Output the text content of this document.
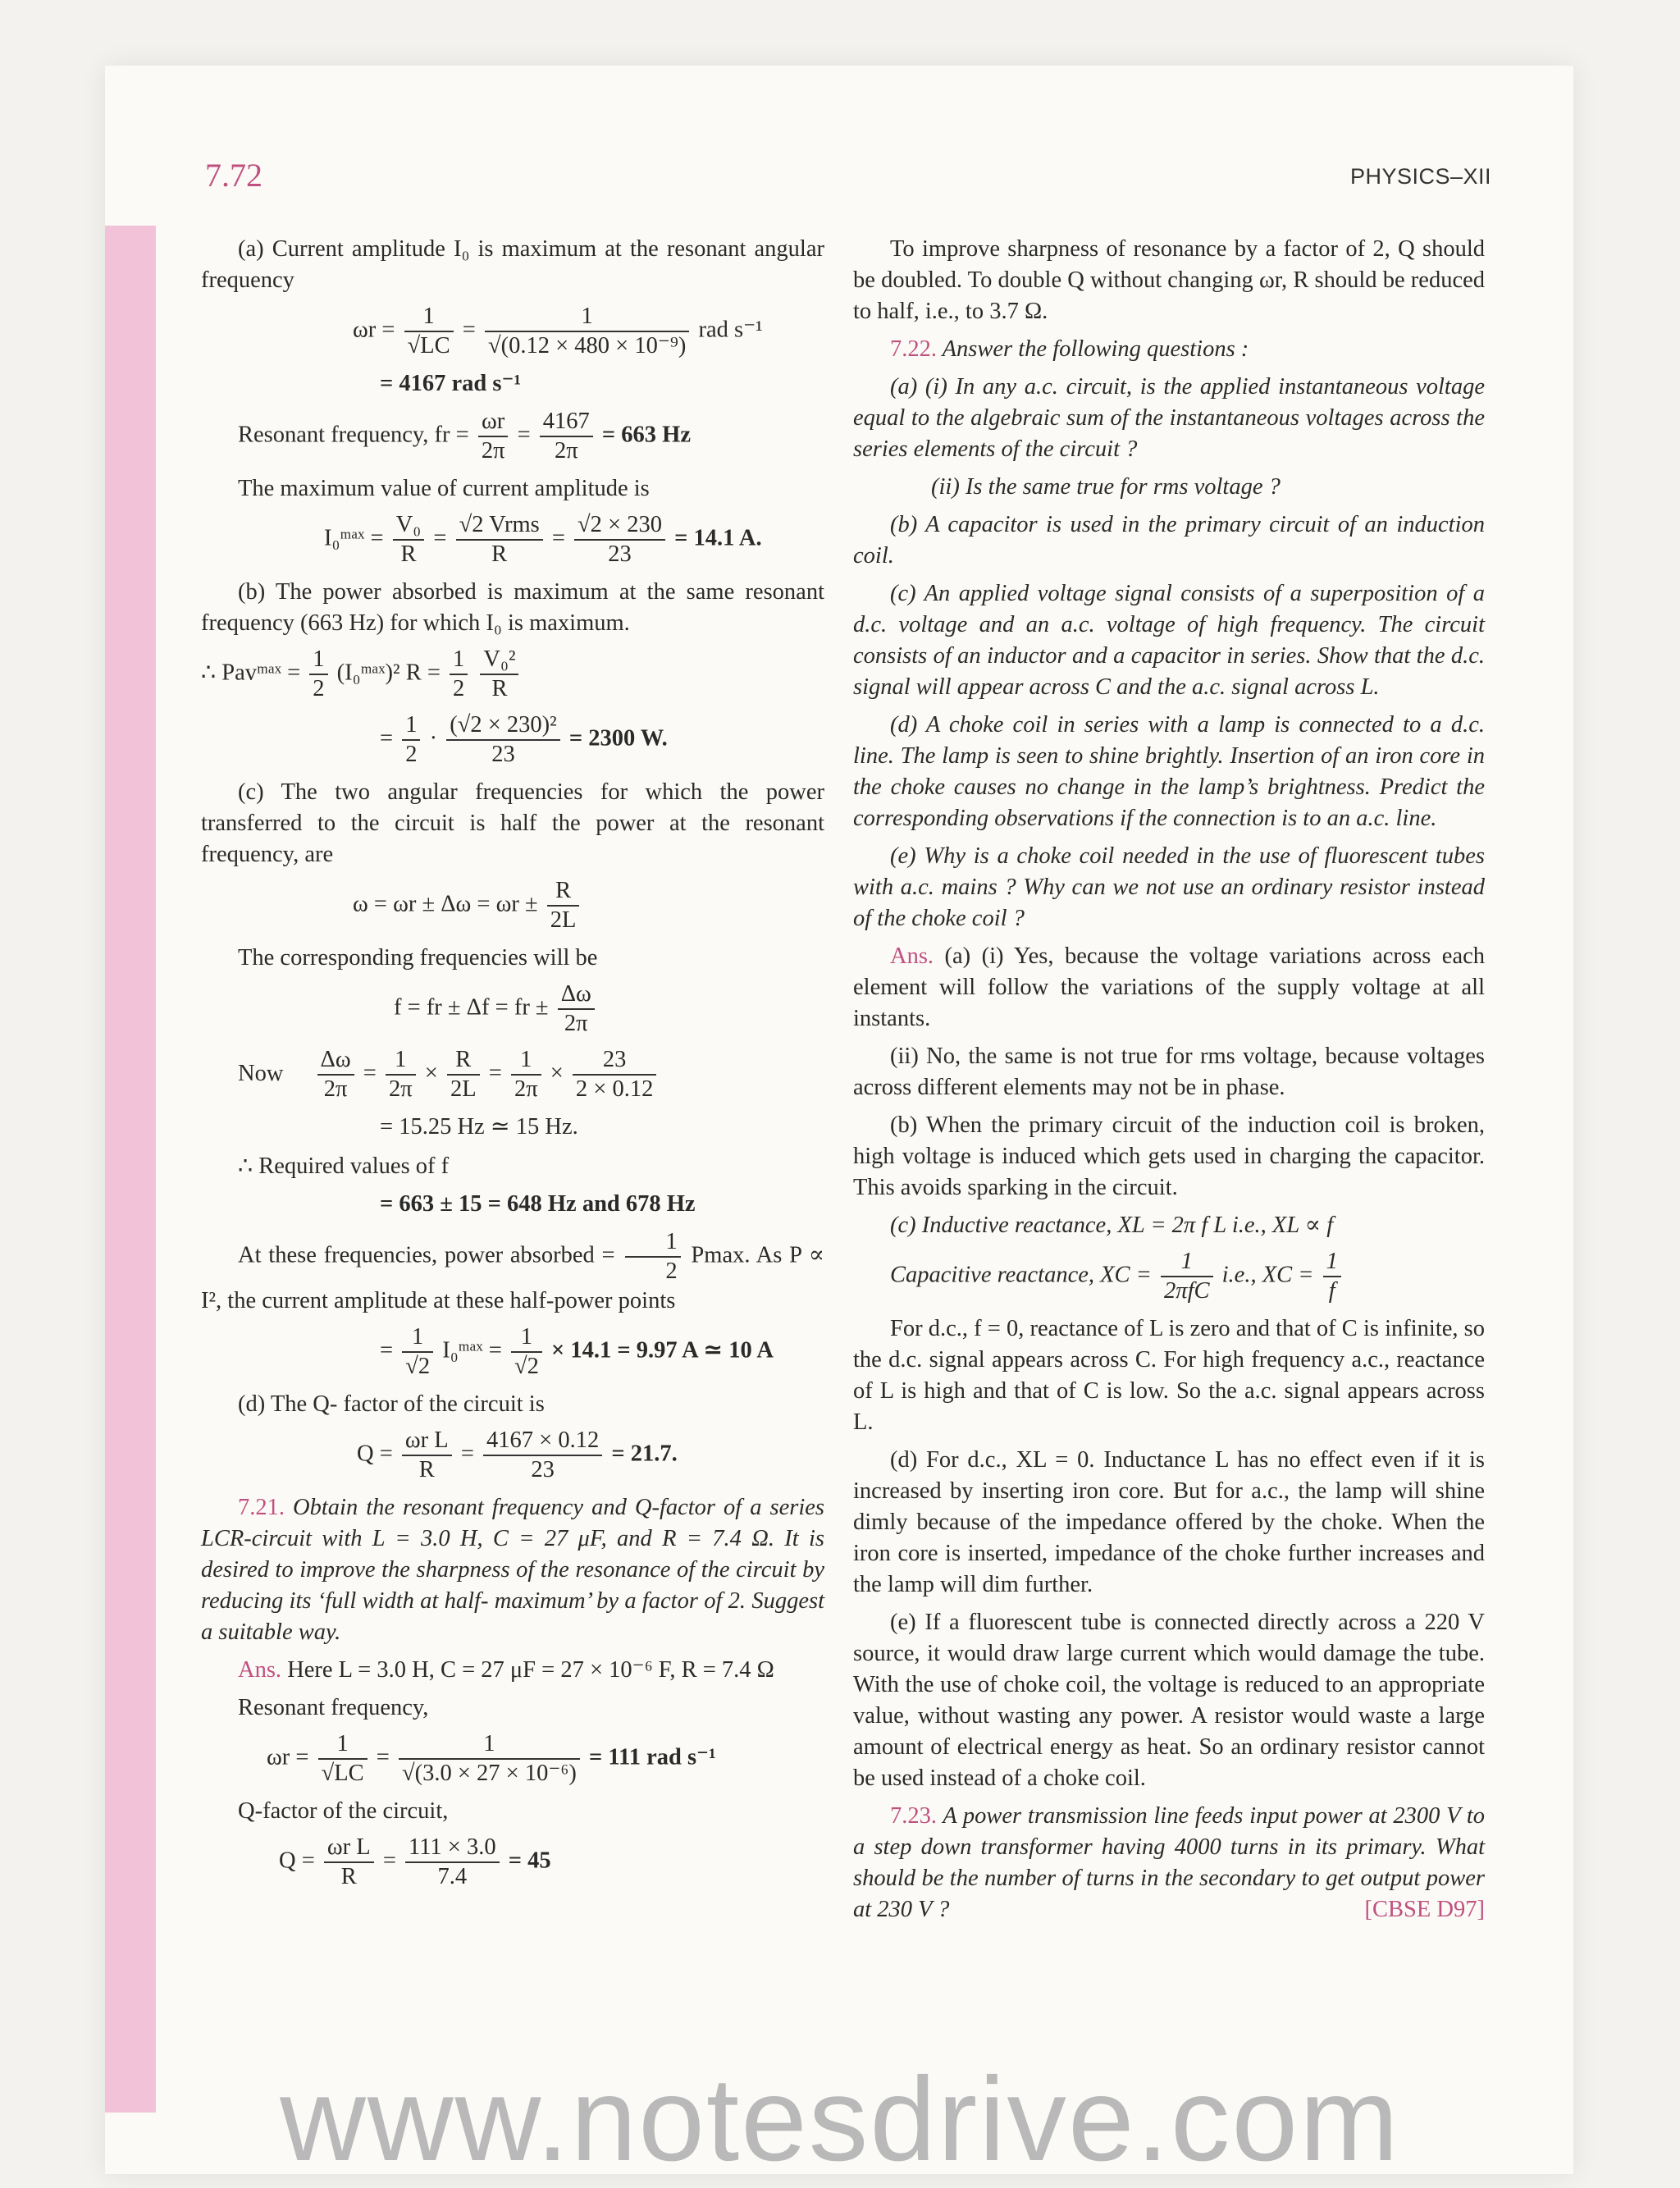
7.72	PHYSICS–XII

(a) Current amplitude I₀ is maximum at the resonant angular frequency

$\omega r = \frac{1}{√LC} = \frac{1}{\text{√(0.12 × 480 × 10⁻⁹)}}$ rad s⁻¹
= 4167 rad s⁻¹
Resonant frequency, fr = $\frac{\omega r}{2\pi} = \frac{4167}{2\pi} = 663$ Hz

The maximum value of current amplitude is

I₀ᵐᵃˣ = $\frac{\text{V₀}}{R} = \frac{\text{√2 Vrms}}{R} = \frac{√2 \times 230}{23} = 14.1$ A.

(b) The power absorbed is maximum at the same resonant frequency (663 Hz) for which I₀ is maximum.

∴ Pavᵐᵃˣ = $\frac{1}{2}$ (I₀ᵐᵃˣ)² $R = \frac{1}{2}$
$\frac{\text{V₀²}}{R}$
= $\frac{1}{2} \cdot \frac{\text{(√2 × 230)²}}{23} = 2300$ W.

(c) The two angular frequencies for which the power transferred to the circuit is half the power at the resonant frequency, are

$\omega = \omega r \pm \Delta\omega = \omega r \pm \frac{R}{2L}$

The corresponding frequencies will be

f = fr ± Δf = fr ± $\frac{\Delta\omega}{2\pi}$
Now $\frac{\Delta\omega}{2\pi} = \frac{1}{2\pi} \times \frac{R}{2L} = \frac{1}{2\pi} \times \frac{23}{2 \times 0.12}$
= 15.25 Hz ≃ 15 Hz.

∴ Required values of f

= 663 ± 15 = 648 Hz and 678 Hz

At these frequencies, power absorbed = $\frac{1}{2} Pmax$. As P ∝ I², the current amplitude at these half-power points

= $\frac{1}{√2}$ I₀ᵐᵃˣ = $\frac{1}{√2} \times 14.1 = 9.97$ A ≃ 10 A

(d) The Q- factor of the circuit is

$Q = \frac{\text{ωr L}}{R} = \frac{4167 \times 0.12}{23} = 21.7$.

7.21. Obtain the resonant frequency and Q-factor of a series LCR-circuit with L = 3.0 H, C = 27 μF, and R = 7.4 Ω. It is desired to improve the sharpness of the resonance of the circuit by reducing its ‘full width at half- maximum’ by a factor of 2. Suggest a suitable way.

Ans. Here L = 3.0 H, C = 27 μF = 27 × 10⁻⁶ F, R = 7.4 Ω

Resonant frequency,

$\omega r = \frac{1}{√LC} = \frac{1}{\text{√(3.0 × 27 × 10⁻⁶)}} = 111$ rad s⁻¹

Q-factor of the circuit,

$Q = \frac{\text{ωr L}}{R} = \frac{111 \times 3.0}{7.4} = 45$

To improve sharpness of resonance by a factor of 2, Q should be doubled. To double Q without changing ωr, R should be reduced to half, i.e., to 3.7 Ω.

7.22. Answer the following questions :

(a) (i) In any a.c. circuit, is the applied instantaneous voltage equal to the algebraic sum of the instantaneous voltages across the series elements of the circuit ?

(ii) Is the same true for rms voltage ?

(b) A capacitor is used in the primary circuit of an induction coil.

(c) An applied voltage signal consists of a superposition of a d.c. voltage and an a.c. voltage of high frequency. The circuit consists of an inductor and a capacitor in series. Show that the d.c. signal will appear across C and the a.c. signal across L.

(d) A choke coil in series with a lamp is connected to a d.c. line. The lamp is seen to shine brightly. Insertion of an iron core in the choke causes no change in the lamp’s brightness. Predict the corresponding observations if the connection is to an a.c. line.

(e) Why is a choke coil needed in the use of fluorescent tubes with a.c. mains ? Why can we not use an ordinary resistor instead of the choke coil ?

Ans. (a) (i) Yes, because the voltage variations across each element will follow the variations of the supply voltage at all instants.

(ii) No, the same is not true for rms voltage, because voltages across different elements may not be in phase.

(b) When the primary circuit of the induction coil is broken, high voltage is induced which gets used in charging the capacitor. This avoids sparking in the circuit.

(c) Inductive reactance, XL = 2π f L i.e., XL ∝ f

Capacitive reactance, XC = $\frac{1}{\text{2πfC}} i.e$., XC = $\frac{1}{f}$

For d.c., f = 0, reactance of L is zero and that of C is infinite, so the d.c. signal appears across C. For high frequency a.c., reactance of L is high and that of C is low. So the a.c. signal appears across L.

(d) For d.c., XL = 0. Inductance L has no effect even if it is increased by inserting iron core. But for a.c., the lamp will shine dimly because of the impedance offered by the choke. When the iron core is inserted, impedance of the choke further increases and the lamp will dim further.

(e) If a fluorescent tube is connected directly across a 220 V source, it would draw large current which would damage the tube. With the use of choke coil, the voltage is reduced to an appropriate value, without wasting any power. A resistor would waste a large amount of electrical energy as heat. So an ordinary resistor cannot be used instead of a choke coil.

7.23. A power transmission line feeds input power at 2300 V to a step down transformer having 4000 turns in its primary. What should be the number of turns in the secondary to get output power at 230 V ?	[CBSE D97]

www.notesdrive.com
